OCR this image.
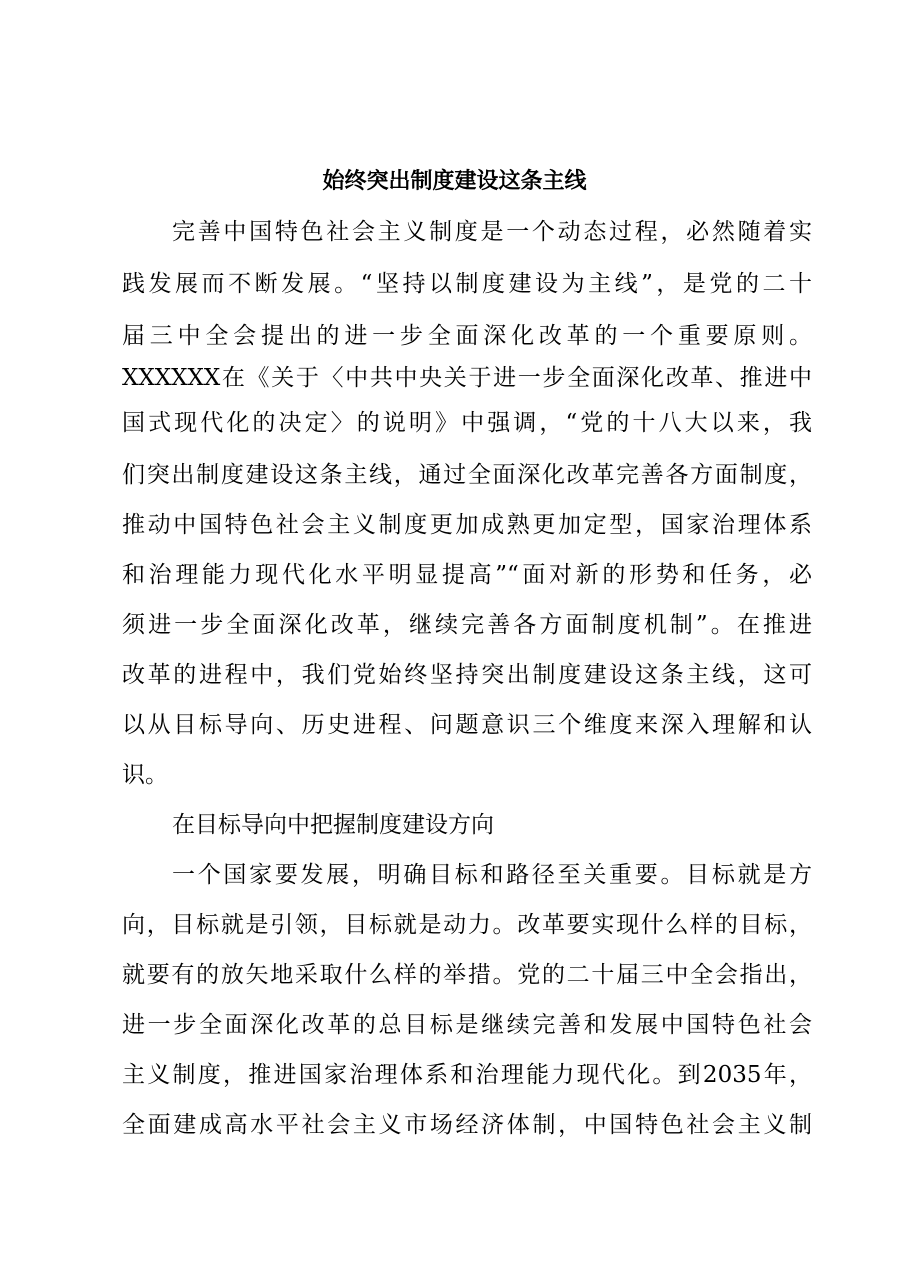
始终突出制度建设这条主线

完善中国特色社会主义制度是一个动态过程，必然随着实

践发展而不断发展。“坚持以制度建设为主线”，是党的二十

届三中全会提出的进一步全面深化改革的一个重要原则。

XXXXXX在《关于〈中共中央关于进一步全面深化改革、推进中

国式现代化的决定〉的说明》中强调，“党的十八大以来，我

们突出制度建设这条主线，通过全面深化改革完善各方面制度，

推动中国特色社会主义制度更加成熟更加定型，国家治理体系

和治理能力现代化水平明显提高”“面对新的形势和任务，必

须进一步全面深化改革，继续完善各方面制度机制”。在推进

改革的进程中，我们党始终坚持突出制度建设这条主线，这可

以从目标导向、历史进程、问题意识三个维度来深入理解和认

识。

在目标导向中把握制度建设方向

一个国家要发展，明确目标和路径至关重要。目标就是方

向，目标就是引领，目标就是动力。改革要实现什么样的目标，

就要有的放矢地采取什么样的举措。党的二十届三中全会指出，

进一步全面深化改革的总目标是继续完善和发展中国特色社会

主义制度，推进国家治理体系和治理能力现代化。到2035年，

全面建成高水平社会主义市场经济体制，中国特色社会主义制
